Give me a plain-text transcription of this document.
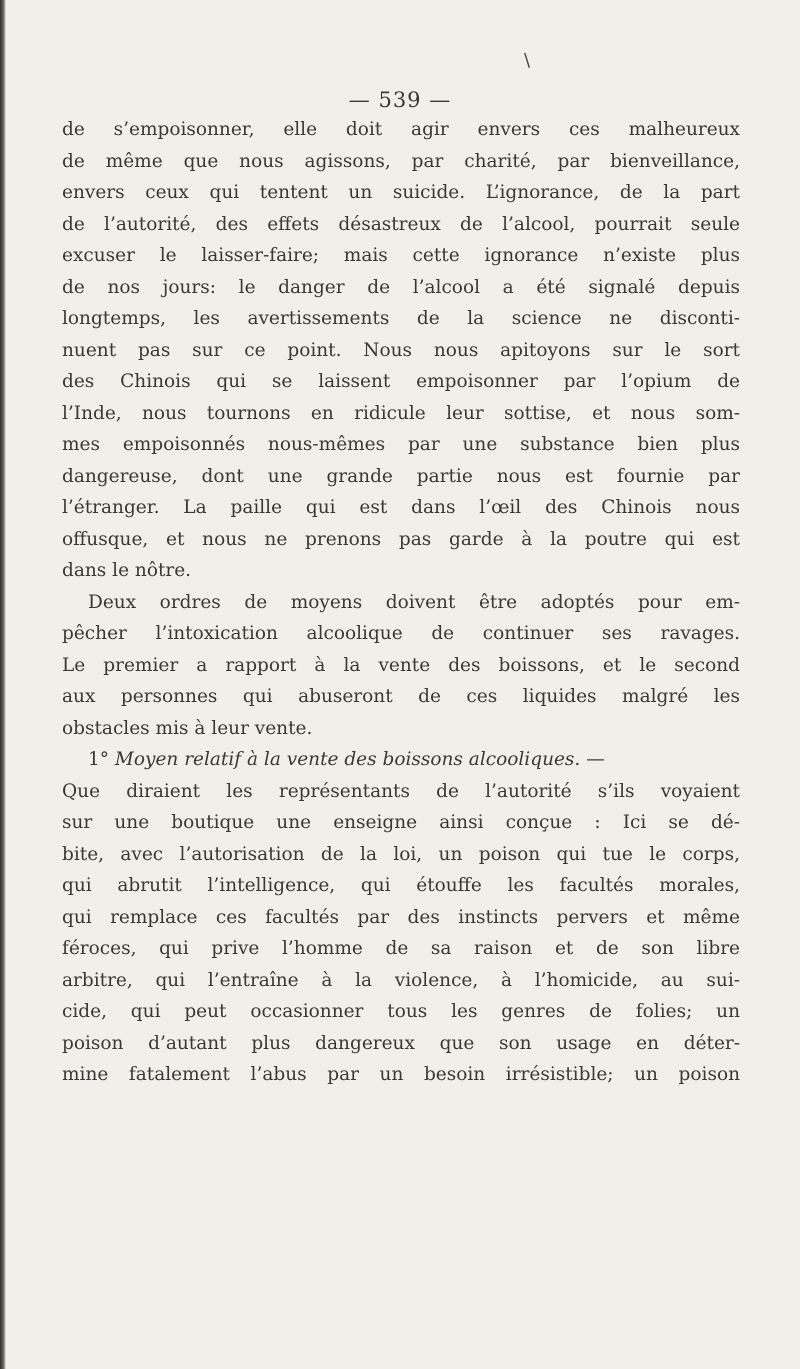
\
— 539 —
de s’empoisonner, elle doit agir envers ces malheureux
de même que nous agissons, par charité, par bienveillance,
envers ceux qui tentent un suicide. L’ignorance, de la part
de l’autorité, des effets désastreux de l’alcool, pourrait seule
excuser le laisser-faire; mais cette ignorance n’existe plus
de nos jours: le danger de l’alcool a été signalé depuis
longtemps, les avertissements de la science ne disconti-
nuent pas sur ce point. Nous nous apitoyons sur le sort
des Chinois qui se laissent empoisonner par l’opium de
l’Inde, nous tournons en ridicule leur sottise, et nous som-
mes empoisonnés nous-mêmes par une substance bien plus
dangereuse, dont une grande partie nous est fournie par
l’étranger. La paille qui est dans l’œil des Chinois nous
offusque, et nous ne prenons pas garde à la poutre qui est
dans le nôtre.
Deux ordres de moyens doivent être adoptés pour em-
pêcher l’intoxication alcoolique de continuer ses ravages.
Le premier a rapport à la vente des boissons, et le second
aux personnes qui abuseront de ces liquides malgré les
obstacles mis à leur vente.
1° Moyen relatif à la vente des boissons alcooliques. —
Que diraient les représentants de l’autorité s’ils voyaient
sur une boutique une enseigne ainsi conçue : Ici se dé-
bite, avec l’autorisation de la loi, un poison qui tue le corps,
qui abrutit l’intelligence, qui étouffe les facultés morales,
qui remplace ces facultés par des instincts pervers et même
féroces, qui prive l’homme de sa raison et de son libre
arbitre, qui l’entraîne à la violence, à l’homicide, au sui-
cide, qui peut occasionner tous les genres de folies; un
poison d’autant plus dangereux que son usage en déter-
mine fatalement l’abus par un besoin irrésistible; un poison
